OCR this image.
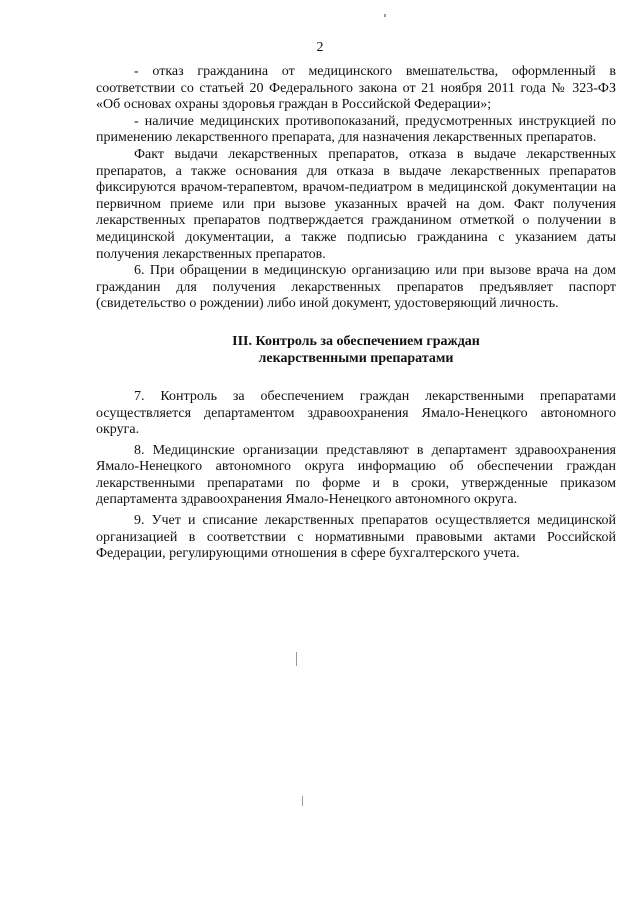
2

- отказ гражданина от медицинского вмешательства, оформленный в соответствии со статьей 20 Федерального закона от 21 ноября 2011 года № 323-ФЗ «Об основах охраны здоровья граждан в Российской Федерации»;

- наличие медицинских противопоказаний, предусмотренных инструкцией по применению лекарственного препарата, для назначения лекарственных препаратов.

Факт выдачи лекарственных препаратов, отказа в выдаче лекарственных препаратов, а также основания для отказа в выдаче лекарственных препаратов фиксируются врачом-терапевтом, врачом-педиатром в медицинской документации на первичном приеме или при вызове указанных врачей на дом. Факт получения лекарственных препаратов подтверждается гражданином отметкой о получении в медицинской документации, а также подписью гражданина с указанием даты получения лекарственных препаратов.

6. При обращении в медицинскую организацию или при вызове врача на дом гражданин для получения лекарственных препаратов предъявляет паспорт (свидетельство о рождении) либо иной документ, удостоверяющий личность.

III. Контроль за обеспечением граждан
лекарственными препаратами

7. Контроль за обеспечением граждан лекарственными препаратами осуществляется департаментом здравоохранения Ямало-Ненецкого автономного округа.

8. Медицинские организации представляют в департамент здравоохранения Ямало-Ненецкого автономного округа информацию об обеспечении граждан лекарственными препаратами по форме и в сроки, утвержденные приказом департамента здравоохранения Ямало-Ненецкого автономного округа.

9. Учет и списание лекарственных препаратов осуществляется медицинской организацией в соответствии с нормативными правовыми актами Российской Федерации, регулирующими отношения в сфере бухгалтерского учета.
